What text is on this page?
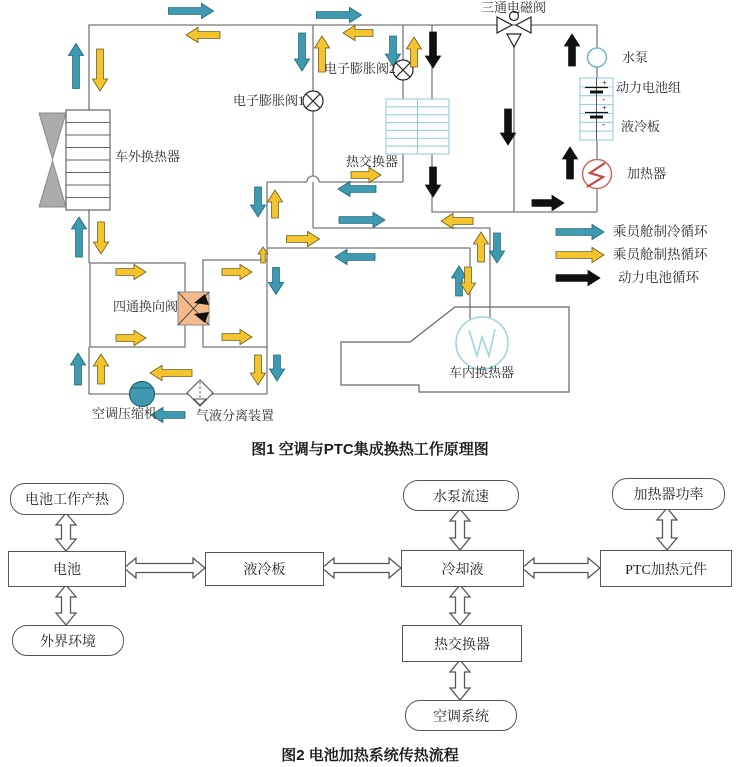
+
-
+
-
车外换热器
电子膨胀阀1
电子膨胀阀2
热交换器
三通电磁阀
水泵
动力电池组
液冷板
加热器
四通换向阀
空调压缩机	气液分离装置
车内换热器
乘员舱制冷循环
乘员舱制热循环
动力电池循环
图1 空调与PTC集成换热工作原理图
电池工作产热
电池
外界环境
液冷板
水泵流速
冷却液
加热器功率
PTC加热元件
热交换器
空调系统
图2 电池加热系统传热流程
